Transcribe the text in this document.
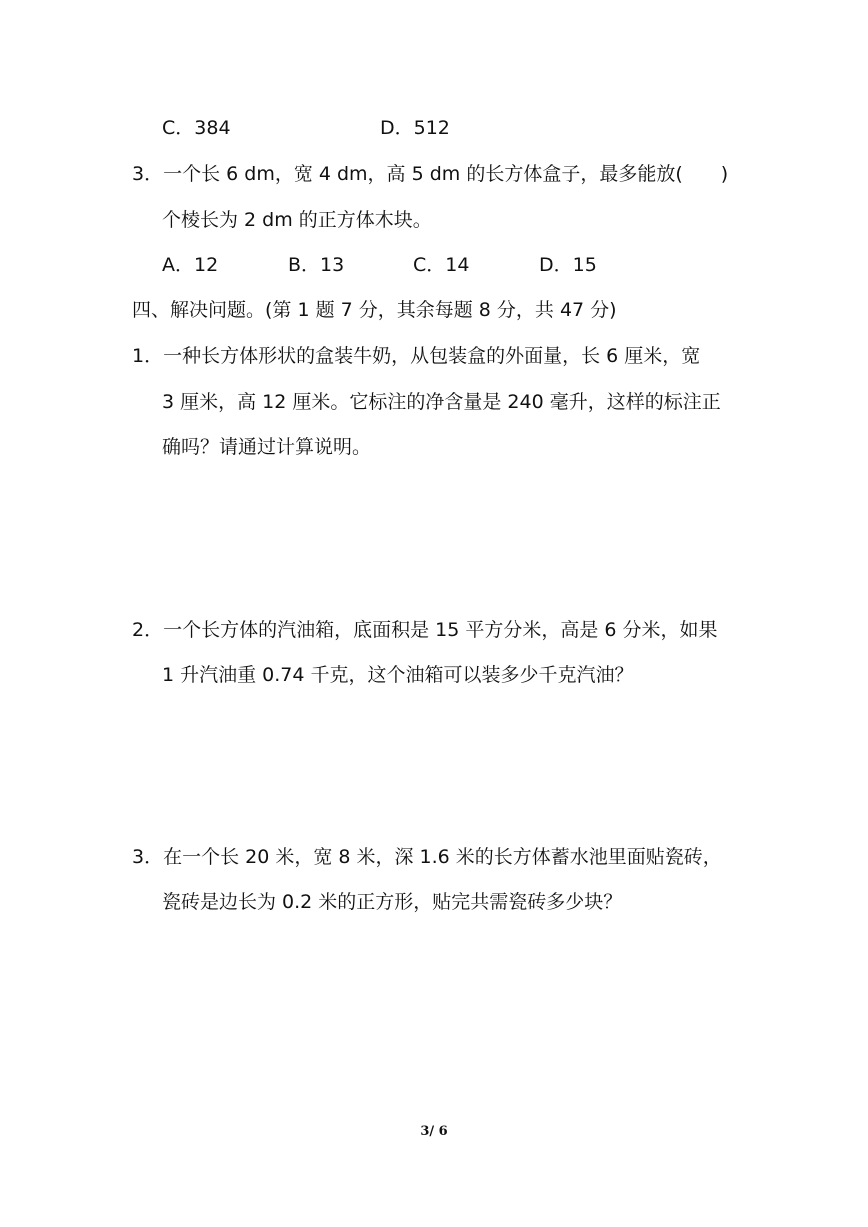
C．384	D．512
3．一个长 6 dm，宽 4 dm，高 5 dm 的长方体盒子，最多能放(　　)
个棱长为 2 dm 的正方体木块。
A．12	B．13	C．14	D．15
四、解决问题。(第 1 题 7 分，其余每题 8 分，共 47 分)
1．一种长方体形状的盒装牛奶，从包装盒的外面量，长 6 厘米，宽
3 厘米，高 12 厘米。它标注的净含量是 240 毫升，这样的标注正
确吗？请通过计算说明。
2．一个长方体的汽油箱，底面积是 15 平方分米，高是 6 分米，如果
1 升汽油重 0.74 千克，这个油箱可以装多少千克汽油？
3．在一个长 20 米，宽 8 米，深 1.6 米的长方体蓄水池里面贴瓷砖，
瓷砖是边长为 0.2 米的正方形，贴完共需瓷砖多少块？
3/ 6
